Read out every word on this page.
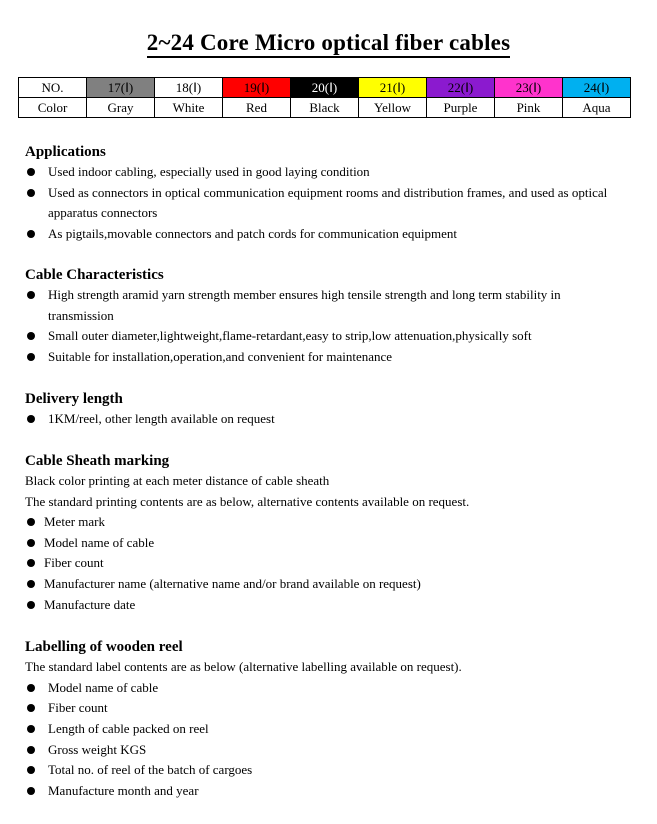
2~24 Core Micro optical fiber cables
NO.	17(Ⅰ)	18(Ⅰ)	19(Ⅰ)	20(Ⅰ)	21(Ⅰ)	22(Ⅰ)	23(Ⅰ)	24(Ⅰ)
Color	Gray	White	Red	Black	Yellow	Purple	Pink	Aqua

Applications

Used indoor cabling, especially used in good laying condition
Used as connectors in optical communication equipment rooms and distribution frames, and used as optical apparatus connectors
As pigtails,movable connectors and patch cords for communication equipment

Cable Characteristics

High strength aramid yarn strength member ensures high tensile strength and long term stability in transmission
Small outer diameter,lightweight,flame-retardant,easy to strip,low attenuation,physically soft
Suitable for installation,operation,and convenient for maintenance

Delivery length

1KM/reel, other length available on request

Cable Sheath marking

Black color printing at each meter distance of cable sheath

The standard printing contents are as below, alternative contents available on request.

Meter mark
Model name of cable
Fiber count
Manufacturer name (alternative name and/or brand available on request)
Manufacture date

Labelling of wooden reel

The standard label contents are as below (alternative labelling available on request).

Model name of cable
Fiber count
Length of cable packed on reel
Gross weight KGS
Total no. of reel of the batch of cargoes
Manufacture month and year
